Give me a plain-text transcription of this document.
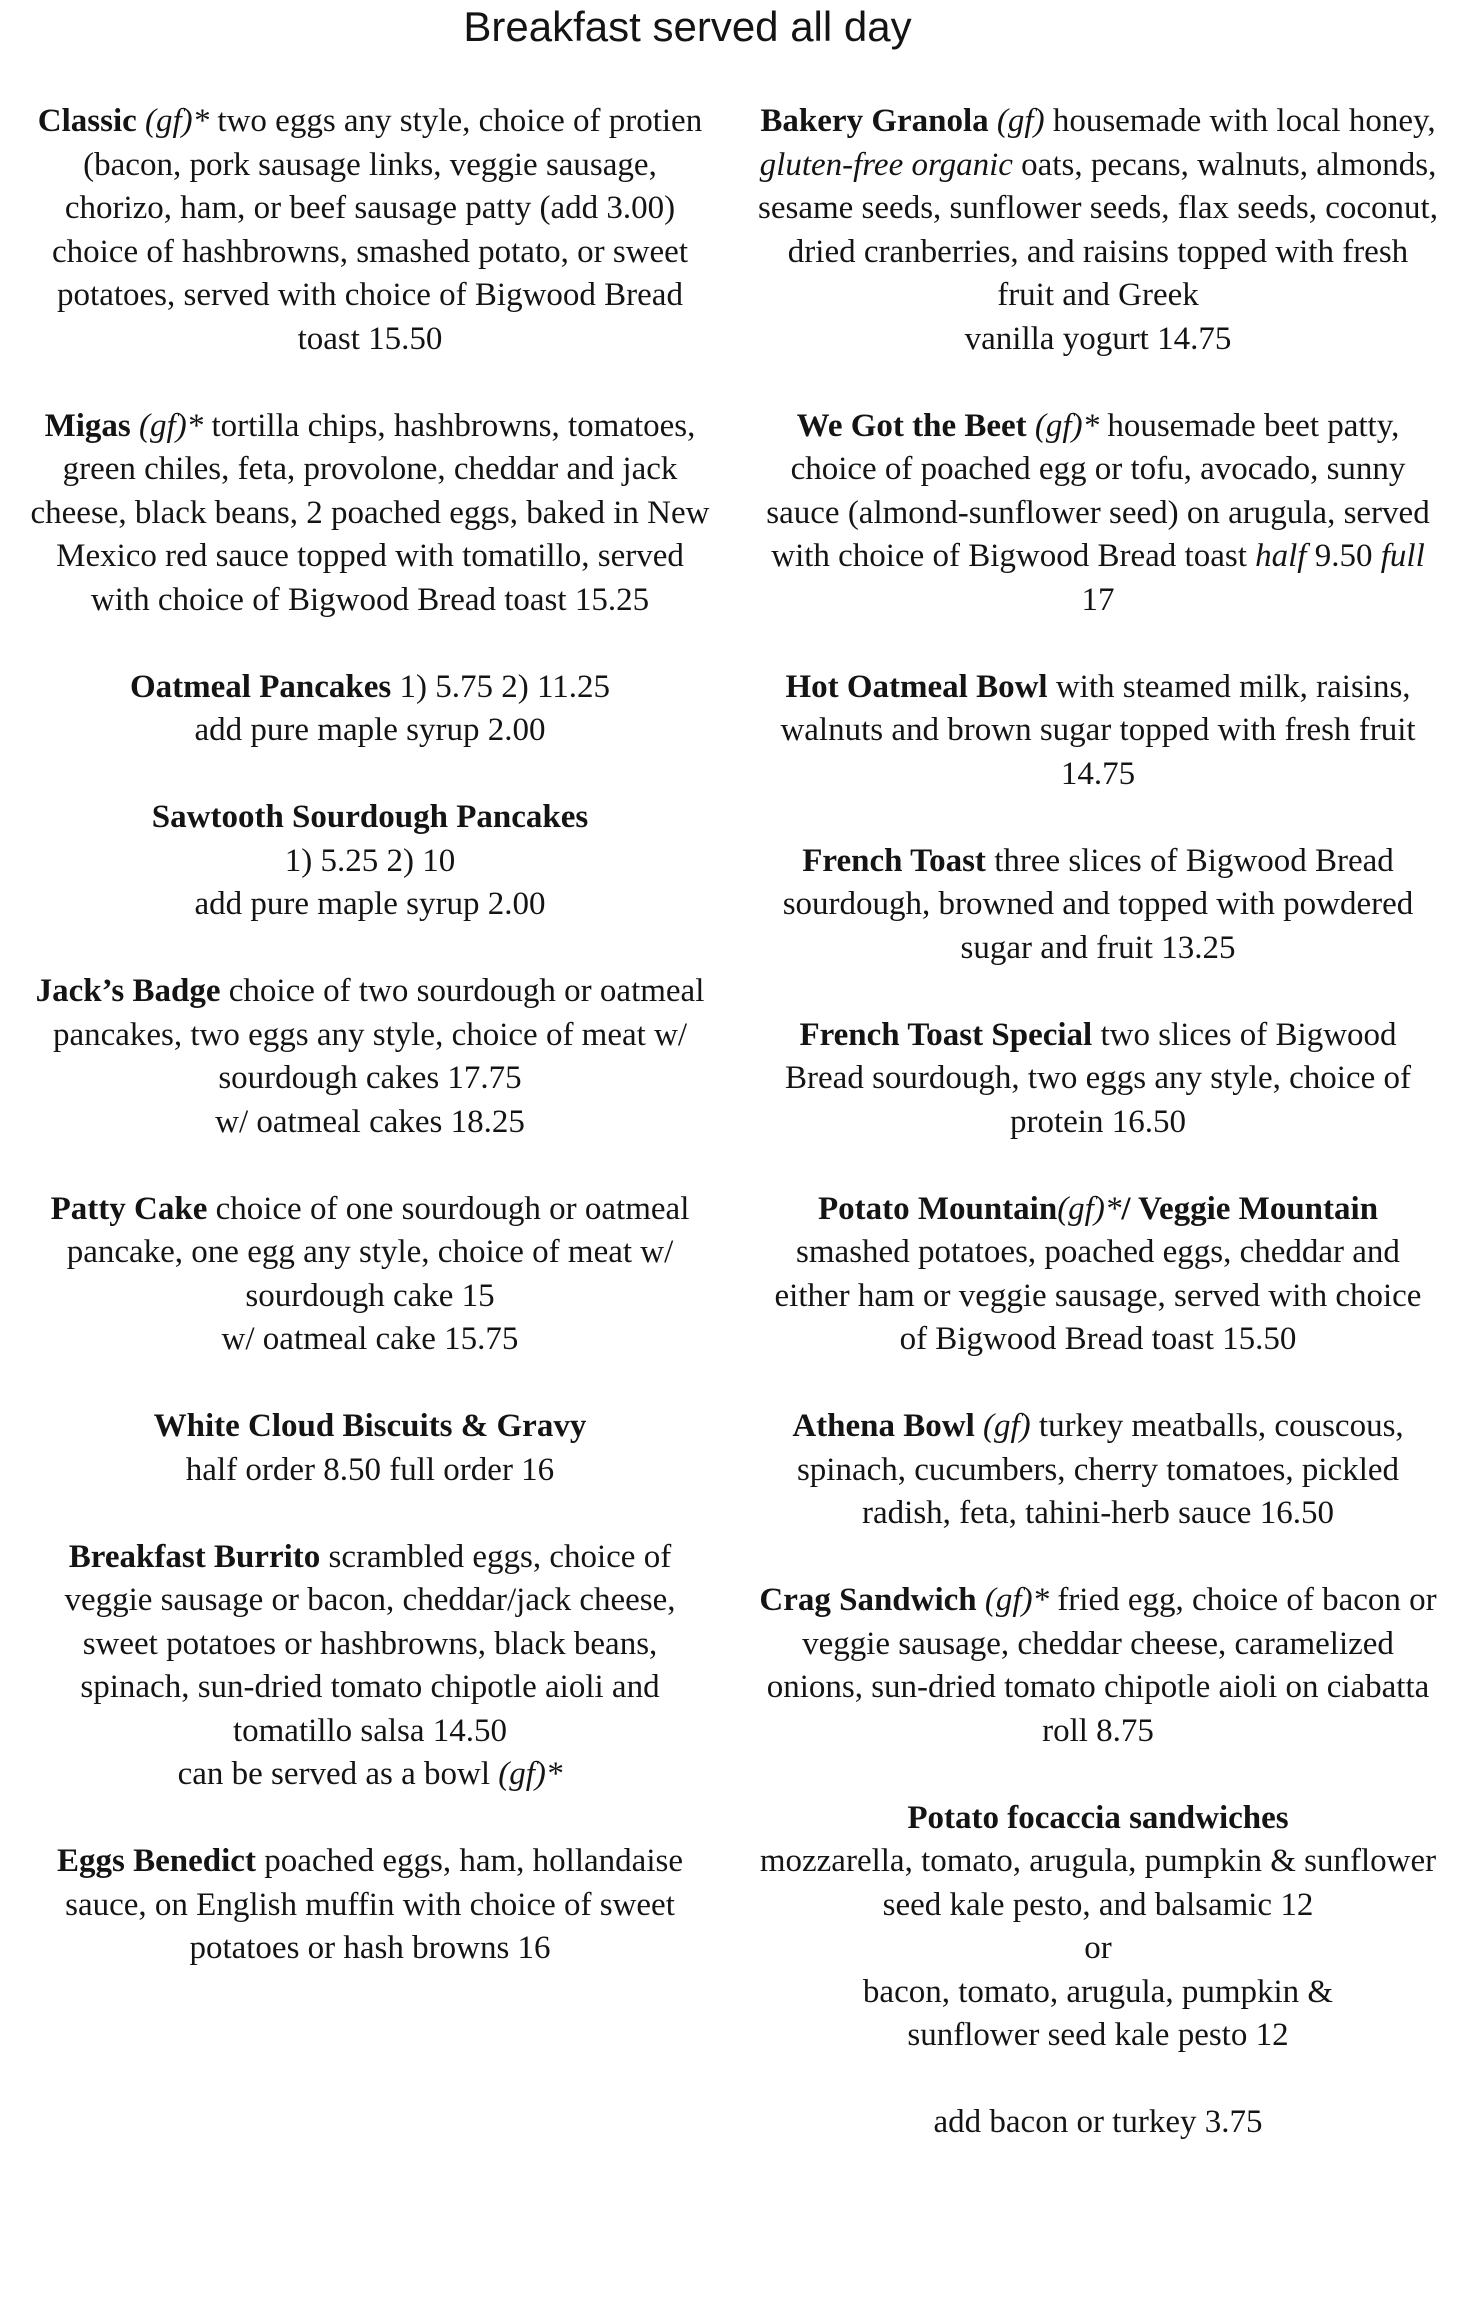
Breakfast served all day
Classic (gf)* two eggs any style, choice of protien (bacon, pork sausage links, veggie sausage, chorizo, ham, or beef sausage patty (add 3.00) choice of hashbrowns, smashed potato, or sweet potatoes, served with choice of Bigwood Bread toast 15.50
Migas (gf)* tortilla chips, hashbrowns, tomatoes, green chiles, feta, provolone, cheddar and jack cheese, black beans, 2 poached eggs, baked in New Mexico red sauce topped with tomatillo, served with choice of Bigwood Bread toast 15.25
Oatmeal Pancakes 1) 5.75 2) 11.25

add pure maple syrup 2.00

Sawtooth Sourdough Pancakes

1) 5.25 2) 10

add pure maple syrup 2.00

Jack’s Badge choice of two sourdough or oatmeal pancakes, two eggs any style, choice of meat w/ sourdough cakes 17.75

w/ oatmeal cakes 18.25

Patty Cake choice of one sourdough or oatmeal pancake, one egg any style, choice of meat w/ sourdough cake 15

w/ oatmeal cake 15.75

White Cloud Biscuits & Gravy

half order 8.50 full order 16

Breakfast Burrito scrambled eggs, choice of veggie sausage or bacon, cheddar/jack cheese, sweet potatoes or hashbrowns, black beans, spinach, sun-dried tomato chipotle aioli and tomatillo salsa 14.50

can be served as a bowl (gf)*

Eggs Benedict poached eggs, ham, hollandaise sauce, on English muffin with choice of sweet potatoes or hash browns 16
Bakery Granola (gf) housemade with local honey, gluten-free organic oats, pecans, walnuts, almonds, sesame seeds, sunflower seeds, flax seeds, coconut, dried cranberries, and raisins topped with fresh fruit and Greek

vanilla yogurt 14.75

We Got the Beet (gf)* housemade beet patty, choice of poached egg or tofu, avocado, sunny sauce (almond-sunflower seed) on arugula, served with choice of Bigwood Bread toast half 9.50 full 17
Hot Oatmeal Bowl with steamed milk, raisins, walnuts and brown sugar topped with fresh fruit 14.75
French Toast three slices of Bigwood Bread sourdough, browned and topped with powdered sugar and fruit 13.25
French Toast Special two slices of Bigwood Bread sourdough, two eggs any style, choice of protein 16.50
Potato Mountain(gf)*/ Veggie Mountain smashed potatoes, poached eggs, cheddar and either ham or veggie sausage, served with choice of Bigwood Bread toast 15.50
Athena Bowl (gf) turkey meatballs, couscous, spinach, cucumbers, cherry tomatoes, pickled radish, feta, tahini-herb sauce 16.50
Crag Sandwich (gf)* fried egg, choice of bacon or veggie sausage, cheddar cheese, caramelized onions, sun-dried tomato chipotle aioli on ciabatta roll 8.75

Potato focaccia sandwiches

mozzarella, tomato, arugula, pumpkin & sunflower seed kale pesto, and balsamic 12

or

bacon, tomato, arugula, pumpkin &

sunflower seed kale pesto 12

add bacon or turkey 3.75
